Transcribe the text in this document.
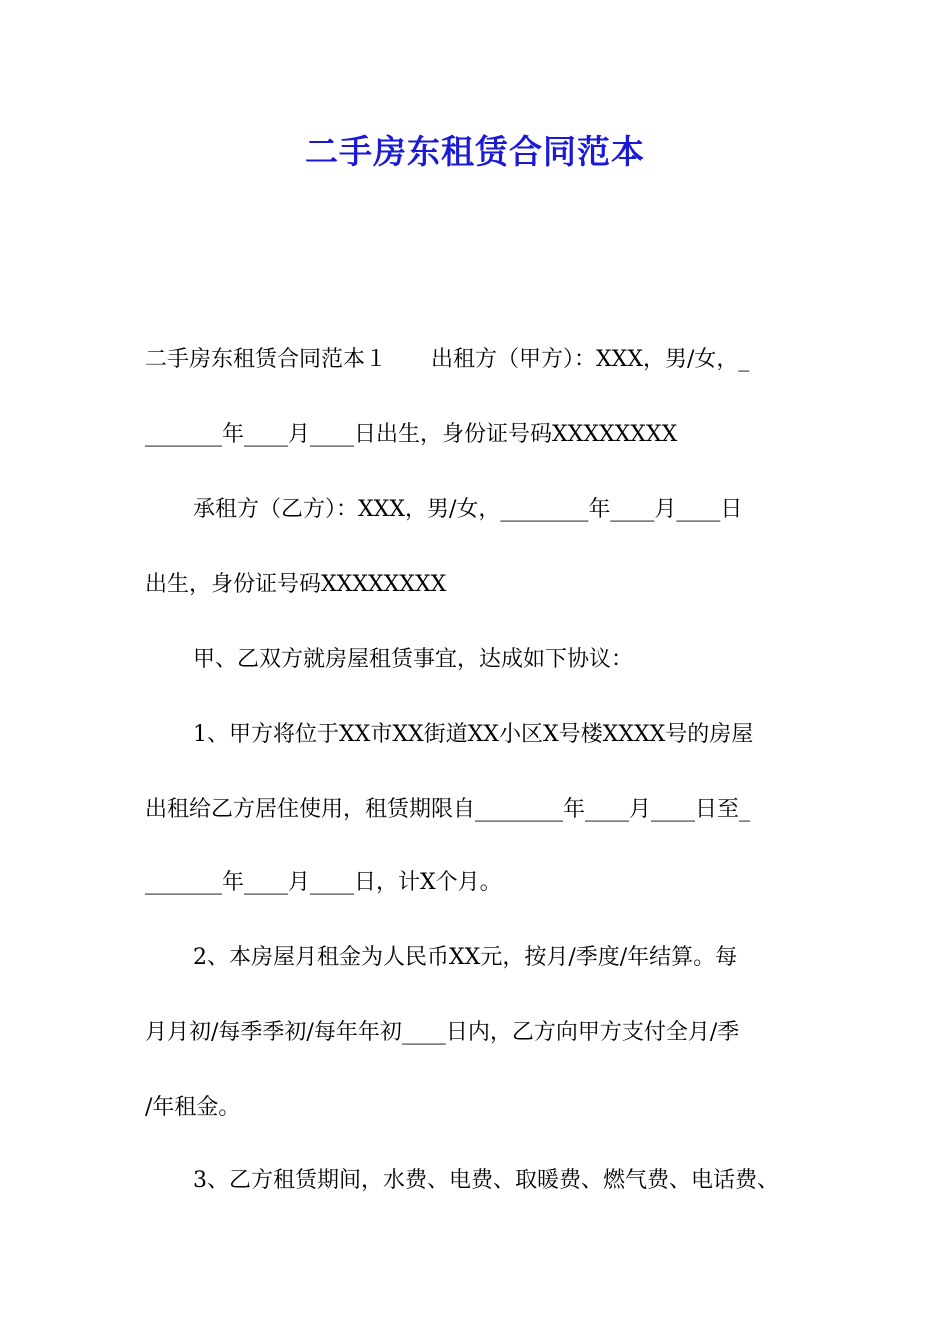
二手房东租赁合同范本
二手房东租赁合同范本１　　出租方（甲方）：XXX，男/女，_
_______年____月____日出生，身份证号码XXXXXXXX
承租方（乙方）：XXX，男/女，________年____月____日
出生，身份证号码XXXXXXXX
甲、乙双方就房屋租赁事宜，达成如下协议：
1、甲方将位于XX市XX街道XX小区X号楼XXXX号的房屋
出租给乙方居住使用，租赁期限自________年____月____日至_
_______年____月____日，计X个月。
2、本房屋月租金为人民币XX元，按月/季度/年结算。每
月月初/每季季初/每年年初____日内，乙方向甲方支付全月/季
/年租金。
3、乙方租赁期间，水费、电费、取暖费、燃气费、电话费、
